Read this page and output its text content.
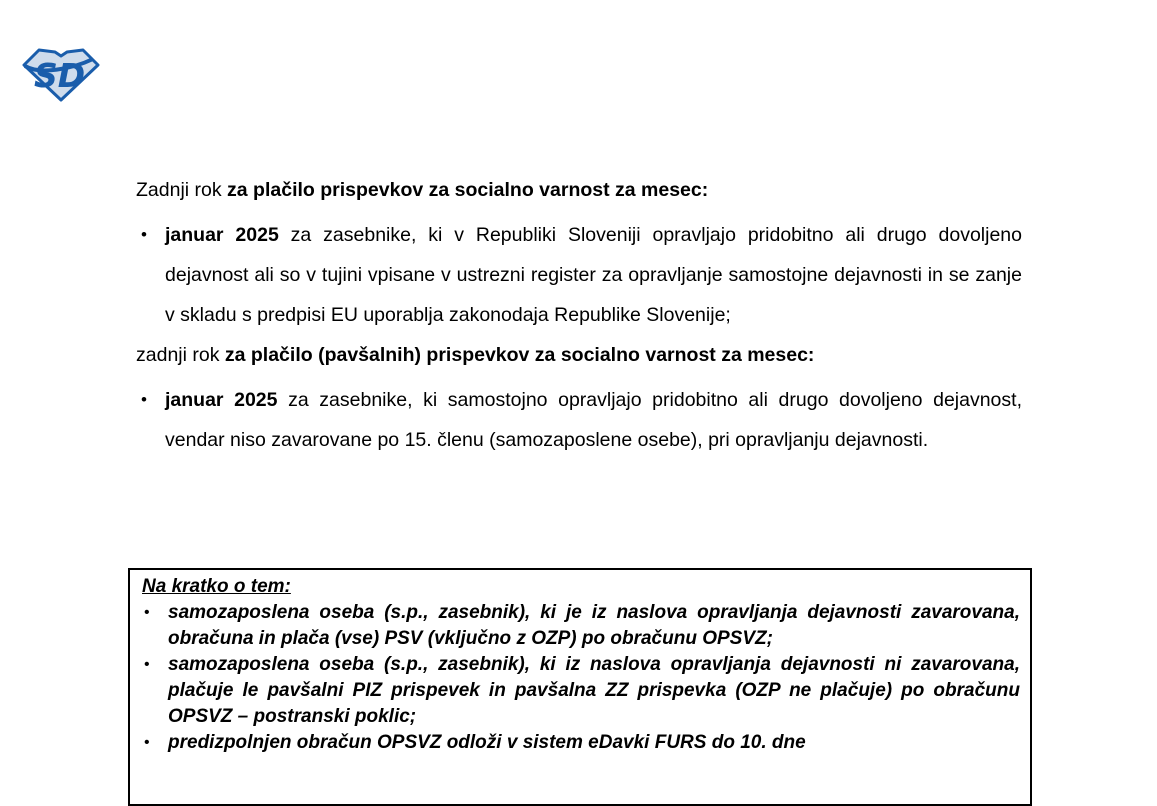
SD

Zadnji rok za plačilo prispevkov za socialno varnost za mesec:

• januar 2025 za zasebnike, ki v Republiki Sloveniji opravljajo pridobitno ali drugo dovoljeno dejavnost ali so v tujini vpisane v ustrezni register za opravljanje samostojne dejavnosti in se zanje v skladu s predpisi EU uporablja zakonodaja Republike Slovenije;

zadnji rok za plačilo (pavšalnih) prispevkov za socialno varnost za mesec:

• januar 2025 za zasebnike, ki samostojno opravljajo pridobitno ali drugo dovoljeno dejavnost, vendar niso zavarovane po 15. členu (samozaposlene osebe), pri opravljanju dejavnosti.

Na kratko o tem:

• samozaposlena oseba (s.p., zasebnik), ki je iz naslova opravljanja dejavnosti zavarovana, obračuna in plača (vse) PSV (vključno z OZP) po obračunu OPSVZ;
• samozaposlena oseba (s.p., zasebnik), ki iz naslova opravljanja dejavnosti ni zavarovana, plačuje le pavšalni PIZ prispevek in pavšalna ZZ prispevka (OZP ne plačuje) po obračunu OPSVZ – postranski poklic;
• predizpolnjen obračun OPSVZ odloži v sistem eDavki FURS do 10. dne
